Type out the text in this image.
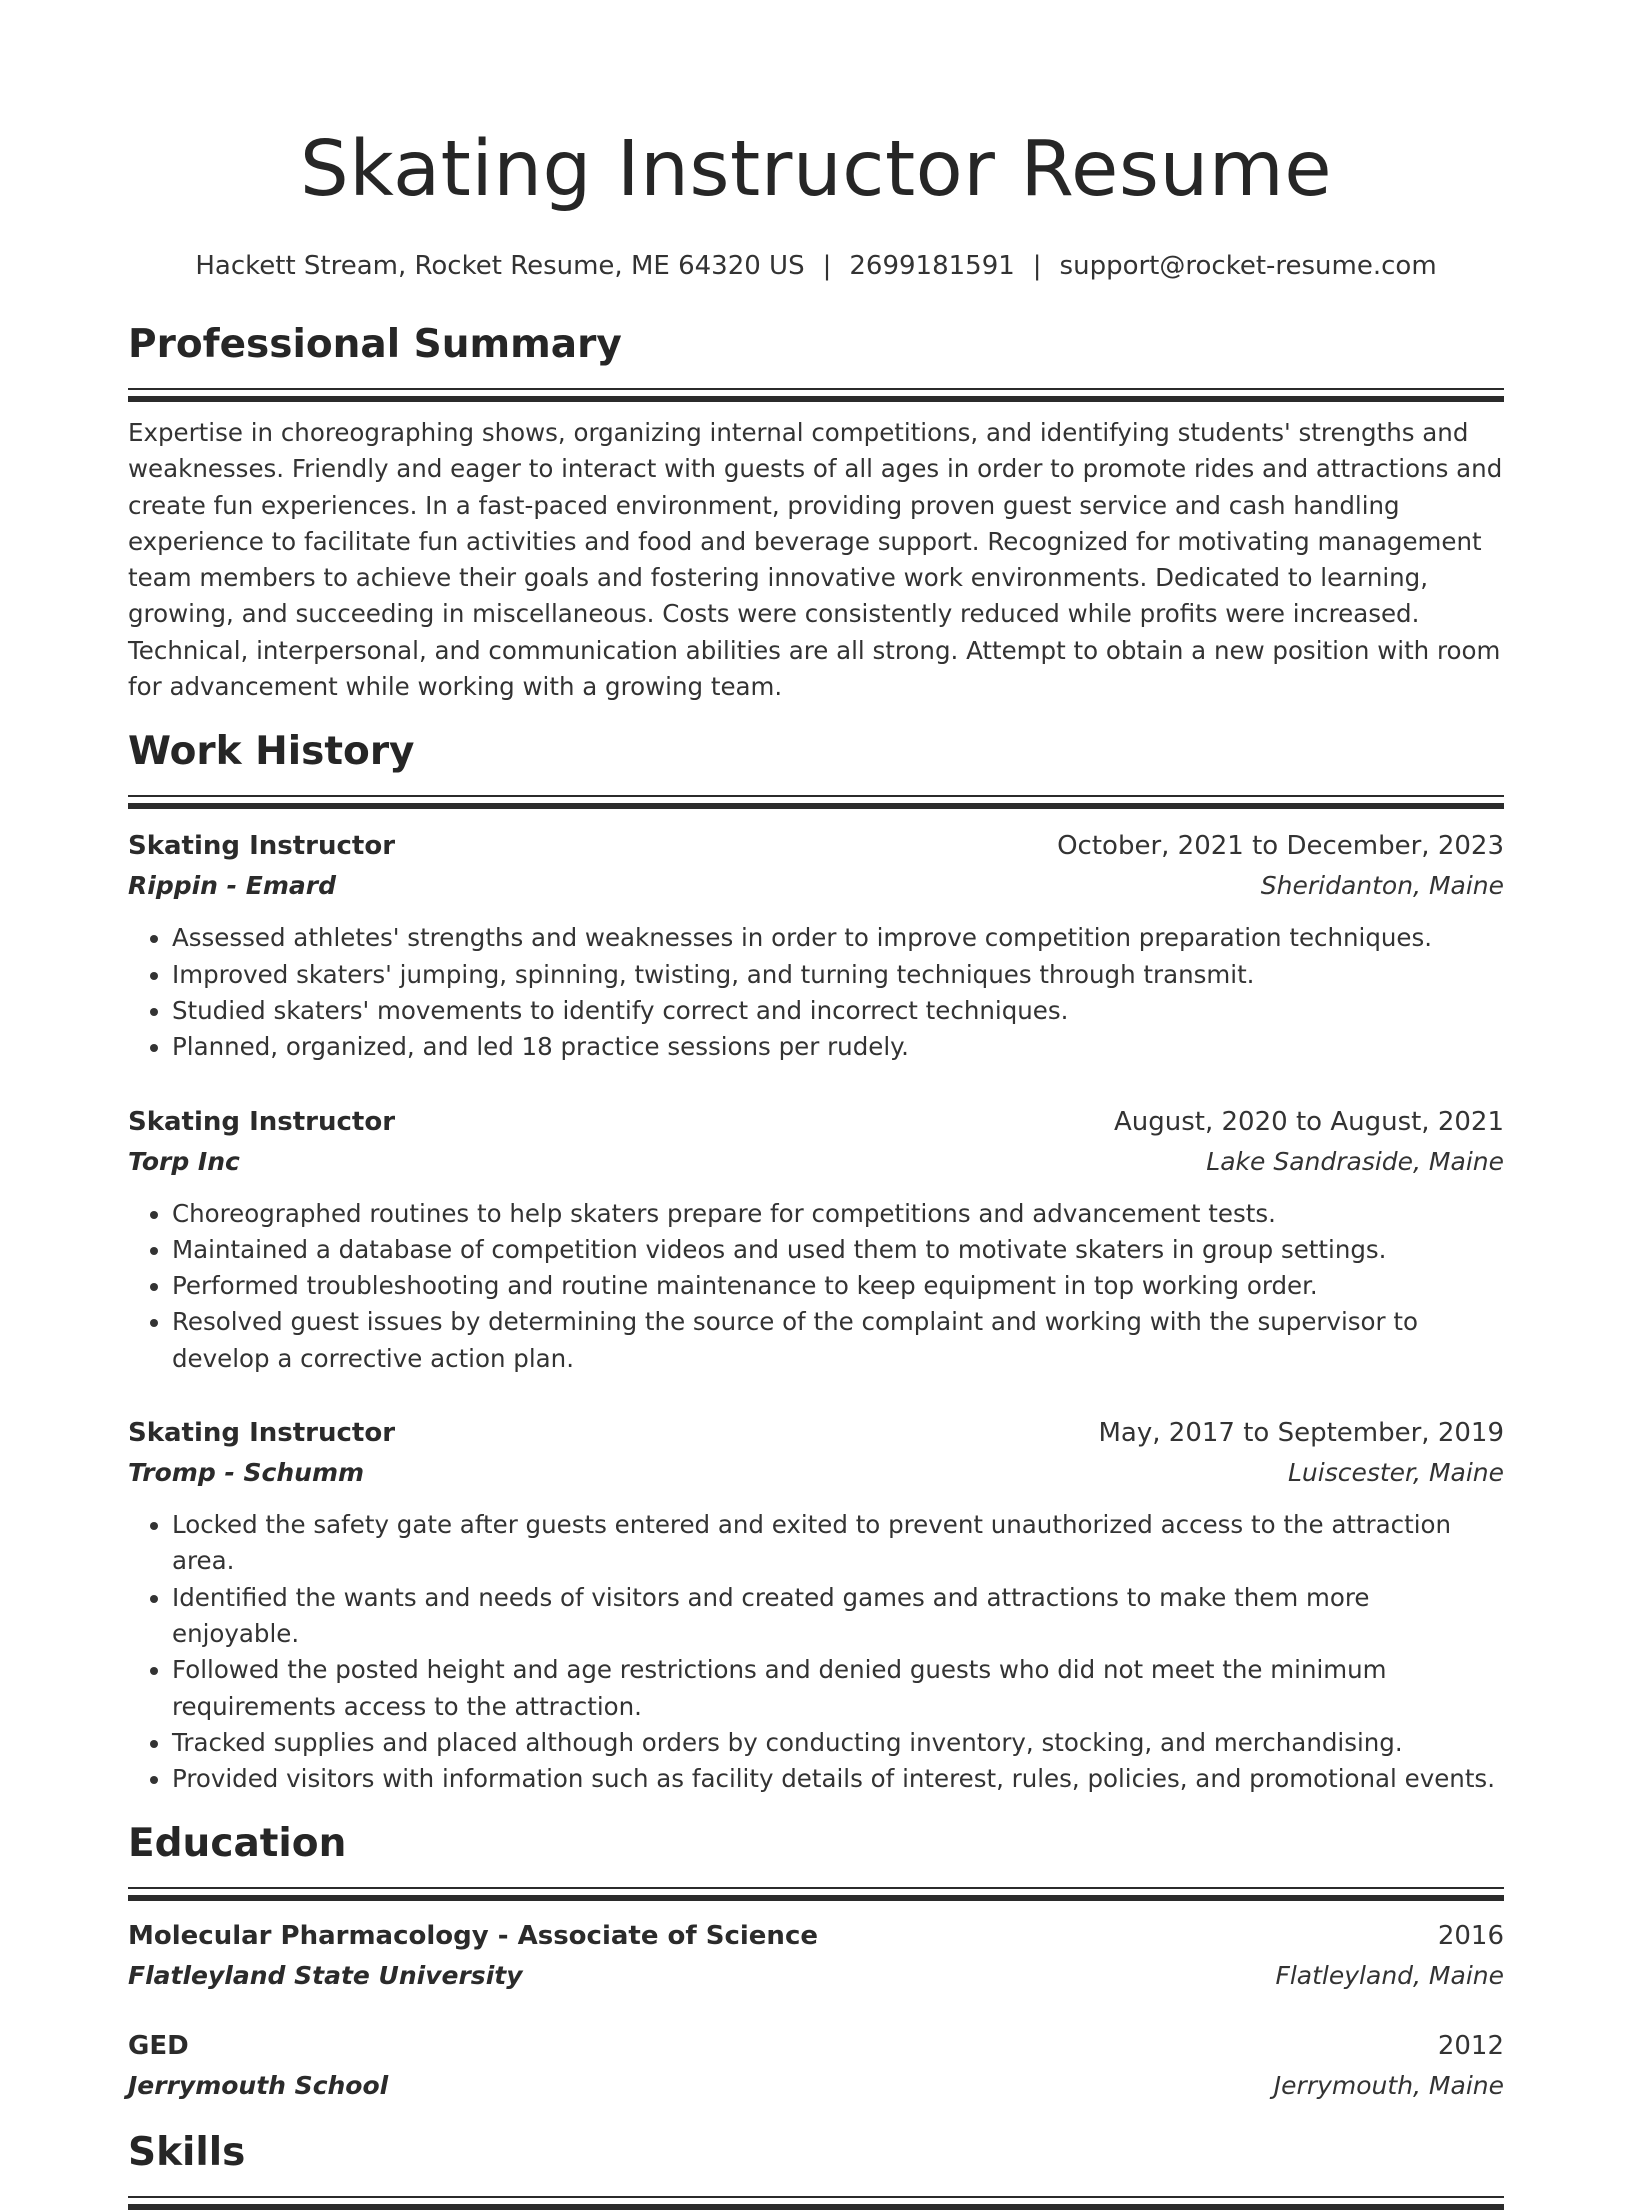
Skating Instructor Resume
Hackett Stream, Rocket Resume, ME 64320 US | 2699181591 | support@rocket-resume.com
Professional Summary
Expertise in choreographing shows, organizing internal competitions, and identifying students' strengths and weaknesses. Friendly and eager to interact with guests of all ages in order to promote rides and attractions and create fun experiences. In a fast-paced environment, providing proven guest service and cash handling experience to facilitate fun activities and food and beverage support. Recognized for motivating management team members to achieve their goals and fostering innovative work environments. Dedicated to learning, growing, and succeeding in miscellaneous. Costs were consistently reduced while profits were increased. Technical, interpersonal, and communication abilities are all strong. Attempt to obtain a new position with room for advancement while working with a growing team.
Work History
Skating Instructor	October, 2021 to December, 2023
Rippin - Emard	Sheridanton, Maine
• Assessed athletes' strengths and weaknesses in order to improve competition preparation techniques.
• Improved skaters' jumping, spinning, twisting, and turning techniques through transmit.
• Studied skaters' movements to identify correct and incorrect techniques.
• Planned, organized, and led 18 practice sessions per rudely.
Skating Instructor	August, 2020 to August, 2021
Torp Inc	Lake Sandraside, Maine
• Choreographed routines to help skaters prepare for competitions and advancement tests.
• Maintained a database of competition videos and used them to motivate skaters in group settings.
• Performed troubleshooting and routine maintenance to keep equipment in top working order.
• Resolved guest issues by determining the source of the complaint and working with the supervisor to develop a corrective action plan.
Skating Instructor	May, 2017 to September, 2019
Tromp - Schumm	Luiscester, Maine
• Locked the safety gate after guests entered and exited to prevent unauthorized access to the attraction area.
• Identified the wants and needs of visitors and created games and attractions to make them more enjoyable.
• Followed the posted height and age restrictions and denied guests who did not meet the minimum requirements access to the attraction.
• Tracked supplies and placed although orders by conducting inventory, stocking, and merchandising.
• Provided visitors with information such as facility details of interest, rules, policies, and promotional events.
Education
Molecular Pharmacology - Associate of Science	2016
Flatleyland State University	Flatleyland, Maine
GED	2012
Jerrymouth School	Jerrymouth, Maine
Skills
